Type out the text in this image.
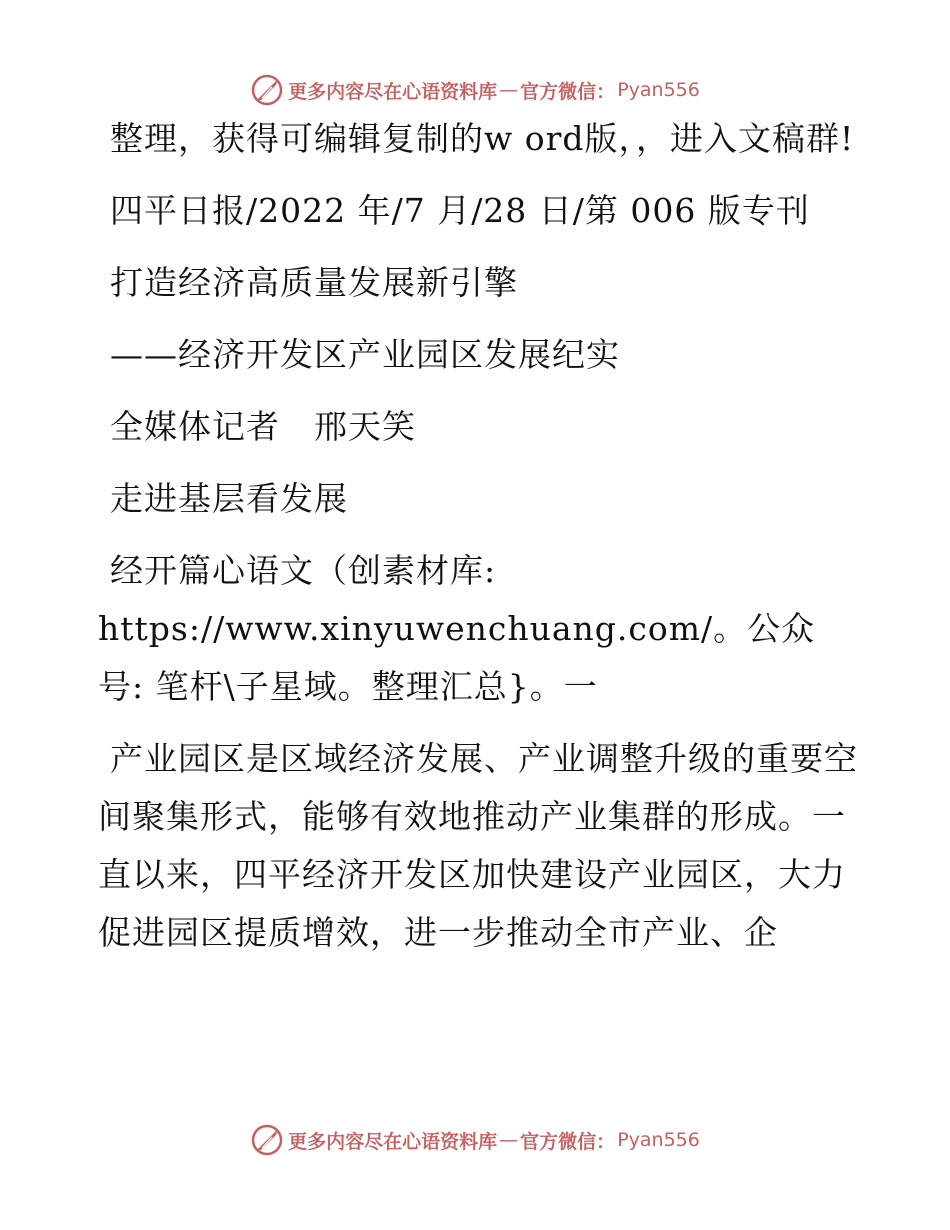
更多内容尽在心语资料库 — 官方微信： Pyan556

整理，获得可编辑复制的w ord版，，进入文稿群!

四平日报/2022 年/7 月/28 日/第 006 版专刊

打造经济高质量发展新引擎

——经济开发区产业园区发展纪实

全媒体记者　邢天笑

走进基层看发展

经开篇心语文（创素材库: https://www.xinyuwenchuang.com/。公众号: 笔杆\子星域。整理汇总}。一

产业园区是区域经济发展、产业调整升级的重要空间聚集形式，能够有效地推动产业集群的形成。一直以来，四平经济开发区加快建设产业园区，大力促进园区提质增效，进一步推动全市产业、企

更多内容尽在心语资料库 — 官方微信： Pyan556
